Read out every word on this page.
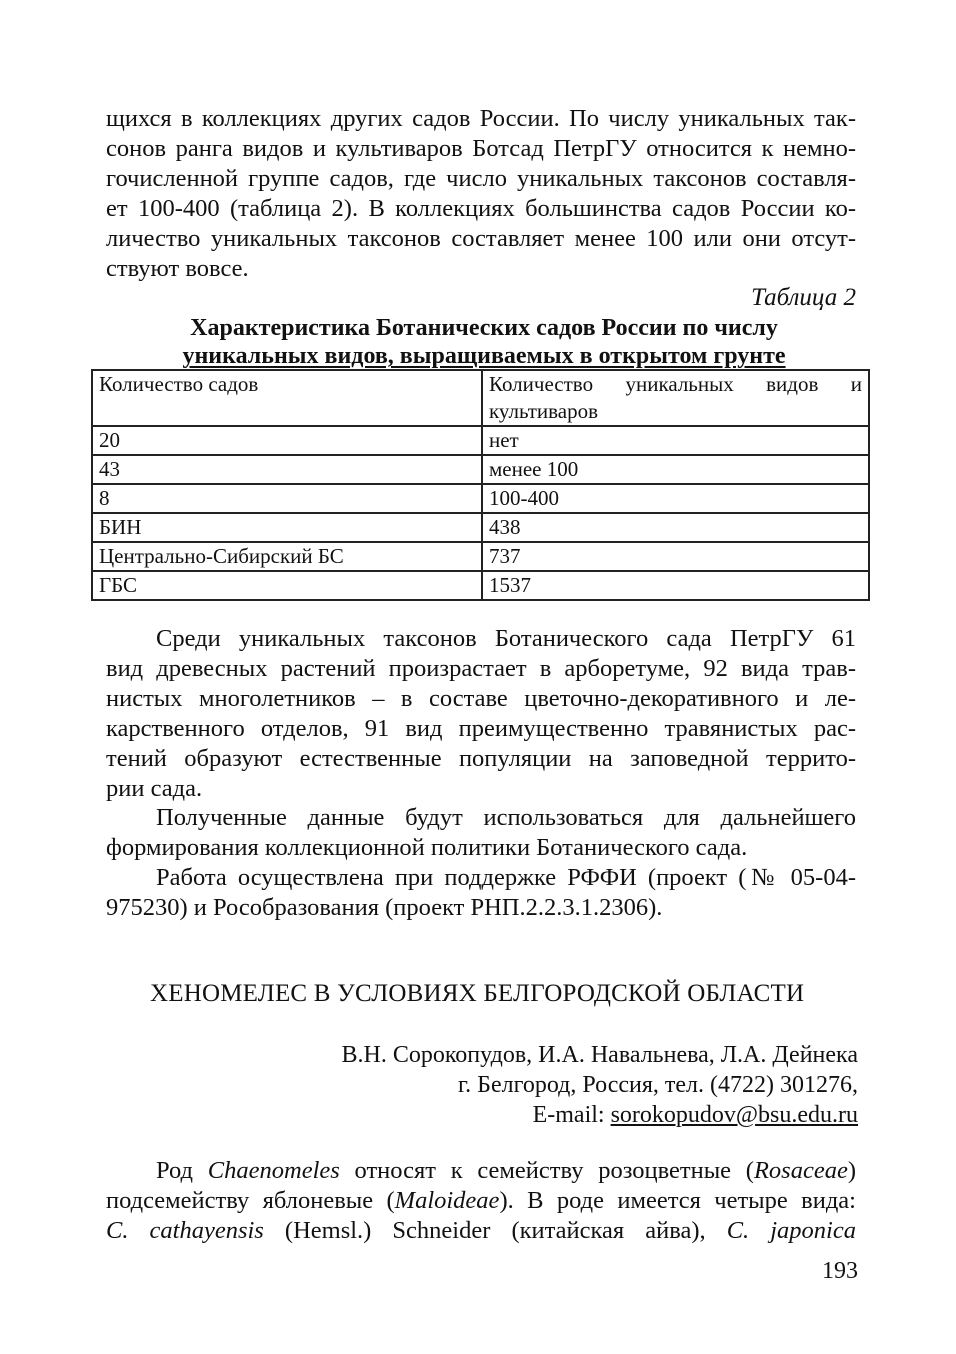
щихся в коллекциях других садов России. По числу уникальных так-
сонов ранга видов и культиваров Ботсад ПетрГУ относится к немно-
гочисленной группе садов, где число уникальных таксонов составля-
ет 100-400 (таблица 2). В коллекциях большинства садов России ко-
личество уникальных таксонов составляет менее 100 или они отсут-
ствуют вовсе.
Таблица 2
Характеристика Ботанических садов России по числу
уникальных видов, выращиваемых в открытом грунте
Количество садов	Количество уникальных видов и культиваров
20	нет
43	менее 100
8	100-400
БИН	438
Центрально-Сибирский БС	737
ГБС	1537
Среди уникальных таксонов Ботанического сада ПетрГУ 61
вид древесных растений произрастает в арборетуме, 92 вида трав-
нистых многолетников – в составе цветочно-декоративного и ле-
карственного отделов, 91 вид преимущественно травянистых рас-
тений образуют естественные популяции на заповедной террито-
рии сада.
Полученные данные будут использоваться для дальнейшего
формирования коллекционной политики Ботанического сада.
Работа осуществлена при поддержке РФФИ (проект (№ 05-04-
975230) и Рособразования (проект РНП.2.2.3.1.2306).
ХЕНОМЕЛЕС В УСЛОВИЯХ БЕЛГОРОДСКОЙ ОБЛАСТИ
В.Н. Сорокопудов, И.А. Навальнева, Л.А. Дейнека
г. Белгород, Россия, тел. (4722) 301276,
E-mail: sorokopudov@bsu.edu.ru
Род Chaenomeles относят к семейству розоцветные (Rosaceae)
подсемейству яблоневые (Maloideae). В роде имеется четыре вида:
C. cathayensis (Hemsl.) Schneider (китайская айва), C. japonica
193
